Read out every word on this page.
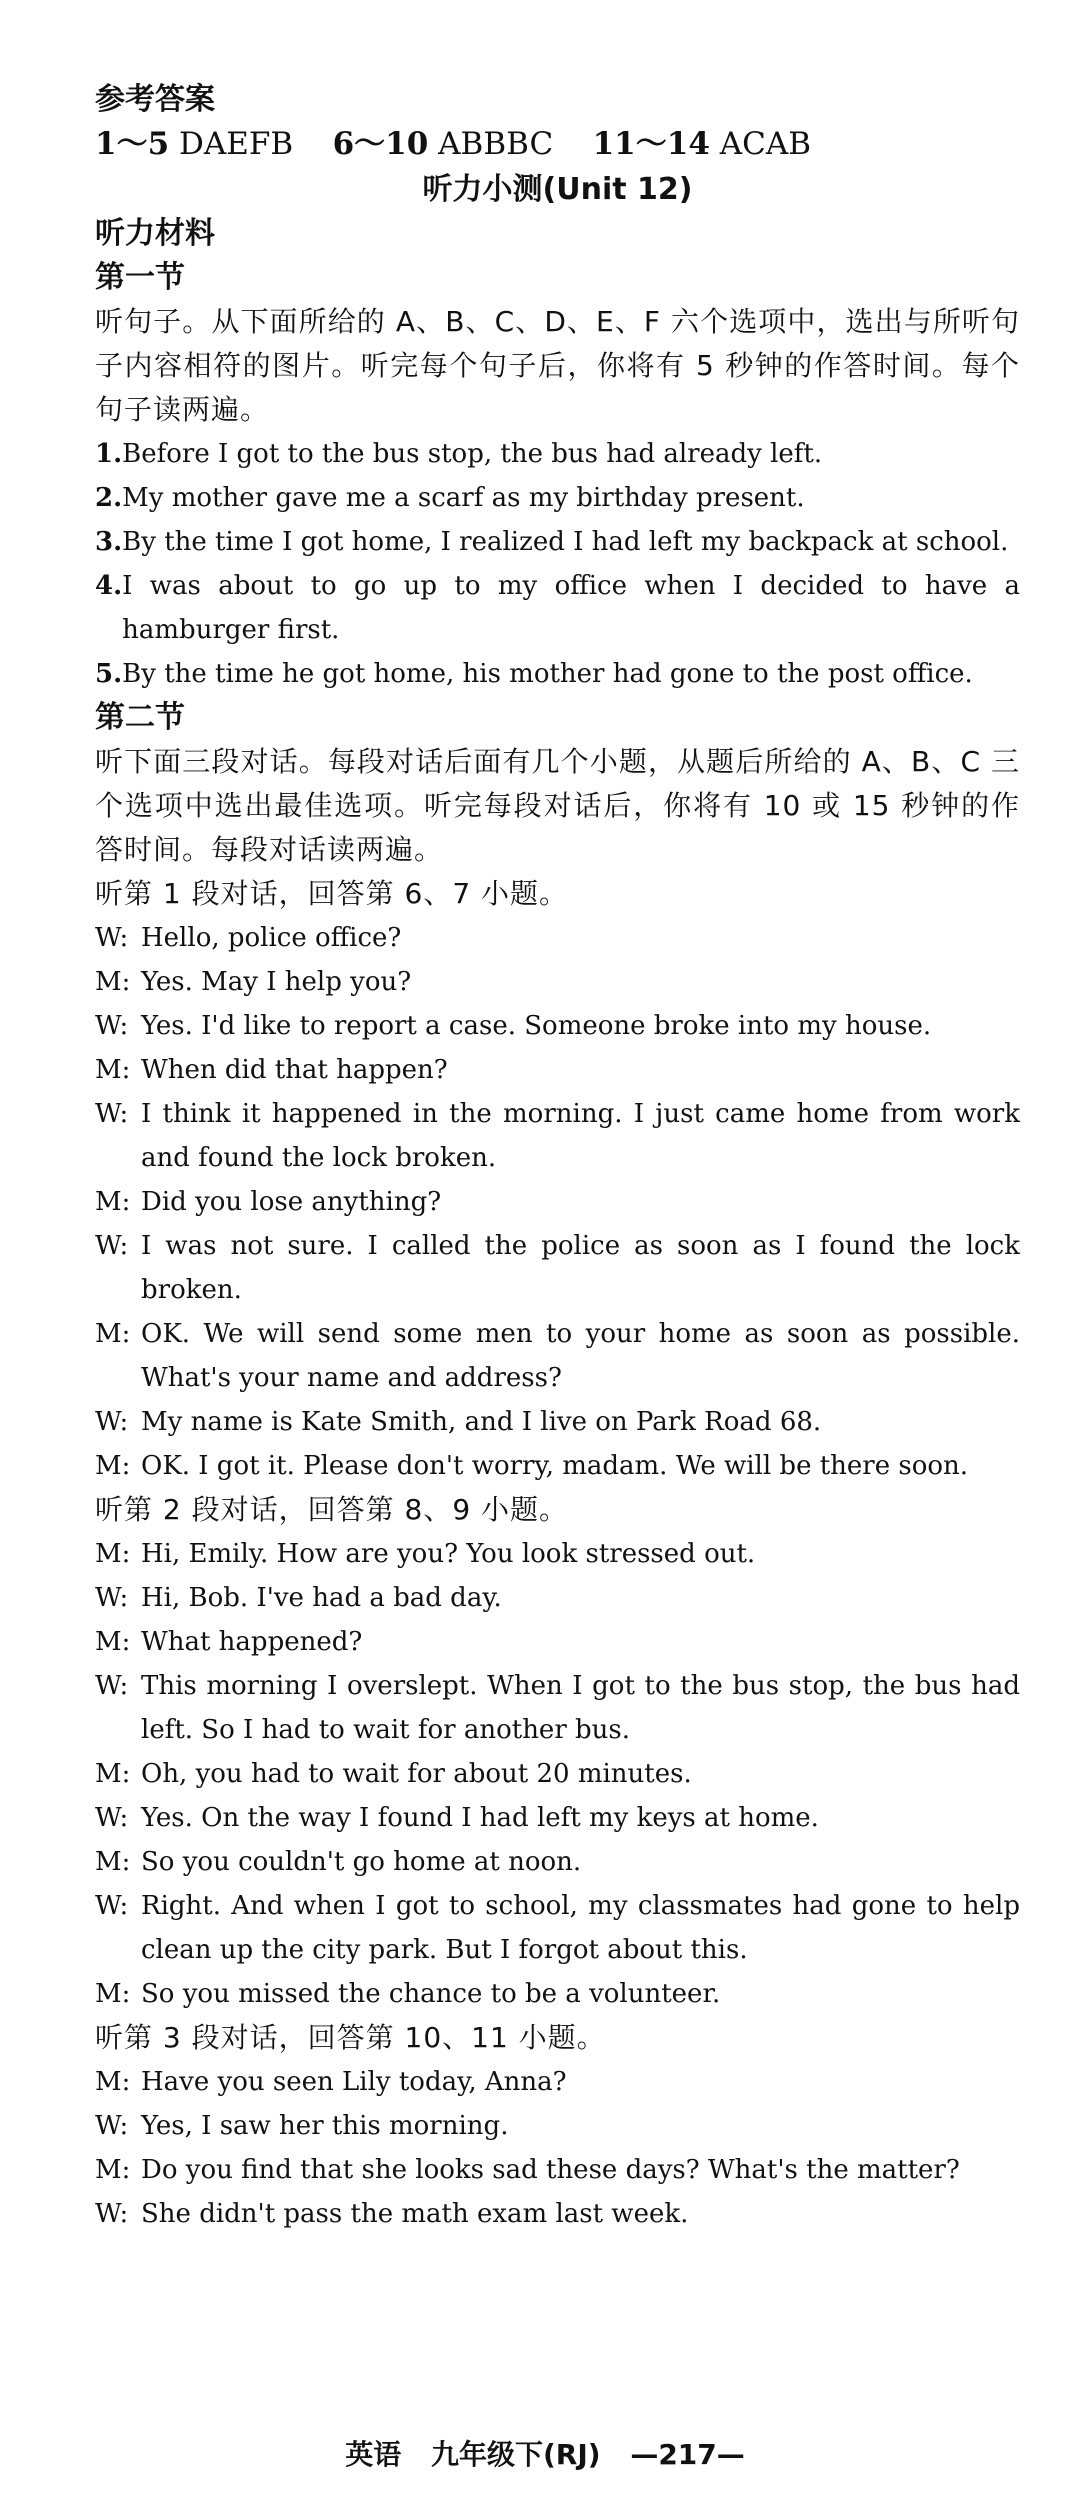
参考答案

1～5 DAEFB 6～10 ABBBC 11～14 ACAB

听力小测(Unit 12)

听力材料

第一节

听句子。从下面所给的 A、B、C、D、E、F 六个选项中，选出与所听句子内容相符的图片。听完每个句子后，你将有 5 秒钟的作答时间。每个句子读两遍。

1. Before I got to the bus stop, the bus had already left.
2. My mother gave me a scarf as my birthday present.
3. By the time I got home, I realized I had left my backpack at school.
4. I was about to go up to my office when I decided to have a hamburger first.
5. By the time he got home, his mother had gone to the post office.

第二节

听下面三段对话。每段对话后面有几个小题，从题后所给的 A、B、C 三个选项中选出最佳选项。听完每段对话后，你将有 10 或 15 秒钟的作答时间。每段对话读两遍。

听第 1 段对话，回答第 6、7 小题。

W: Hello, police office?
M: Yes. May I help you?
W: Yes. I'd like to report a case. Someone broke into my house.
M: When did that happen?
W: I think it happened in the morning. I just came home from work and found the lock broken.
M: Did you lose anything?
W: I was not sure. I called the police as soon as I found the lock broken.
M: OK. We will send some men to your home as soon as possible. What's your name and address?
W: My name is Kate Smith, and I live on Park Road 68.
M: OK. I got it. Please don't worry, madam. We will be there soon.

听第 2 段对话，回答第 8、9 小题。

M: Hi, Emily. How are you? You look stressed out.
W: Hi, Bob. I've had a bad day.
M: What happened?
W: This morning I overslept. When I got to the bus stop, the bus had left. So I had to wait for another bus.
M: Oh, you had to wait for about 20 minutes.
W: Yes. On the way I found I had left my keys at home.
M: So you couldn't go home at noon.
W: Right. And when I got to school, my classmates had gone to help clean up the city park. But I forgot about this.
M: So you missed the chance to be a volunteer.

听第 3 段对话，回答第 10、11 小题。

M: Have you seen Lily today, Anna?
W: Yes, I saw her this morning.
M: Do you find that she looks sad these days? What's the matter?
W: She didn't pass the math exam last week.
英语 九年级下(RJ) —217—
